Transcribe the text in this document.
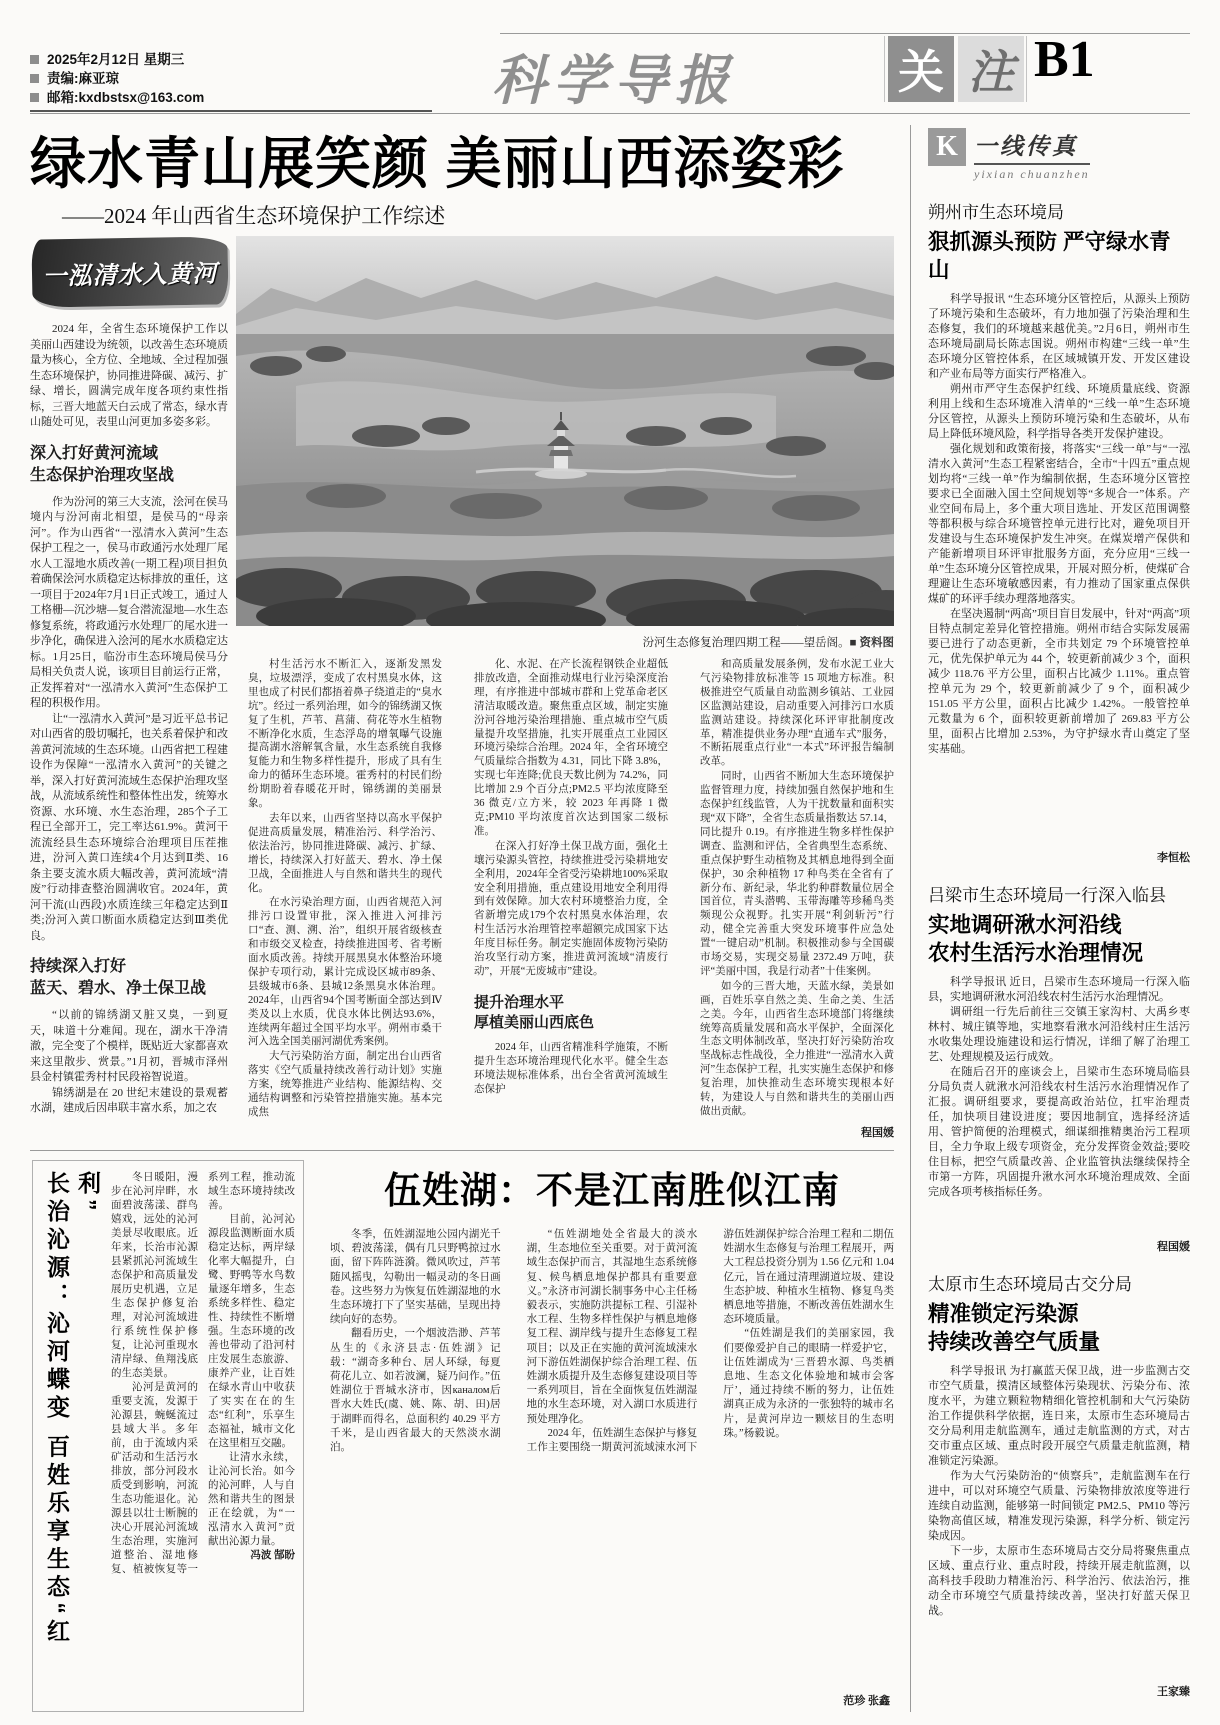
2025年2月12日 星期三
责编:麻亚琼
邮箱:kxdbstsx@163.com	科学导报	关 注 B1
绿水青山展笑颜 美丽山西添姿彩
——2024 年山西省生态环境保护工作综述
一泓清水入黄河

2024 年，全省生态环境保护工作以美丽山西建设为统领，以改善生态环境质量为核心，全方位、全地域、全过程加强生态环境保护，协同推进降碳、减污、扩绿、增长，圆满完成年度各项约束性指标，三晋大地蓝天白云成了常态，绿水青山随处可见，表里山河更加多姿多彩。

深入打好黄河流域
生态保护治理攻坚战

作为汾河的第三大支流，浍河在侯马境内与汾河南北相望，是侯马的“母亲河”。作为山西省“一泓清水入黄河”生态保护工程之一，侯马市政通污水处理厂尾水人工湿地水质改善(一期工程)项目担负着确保浍河水质稳定达标排放的重任，这一项目于2024年7月1日正式竣工，通过人工格栅—沉沙塘—复合潜流湿地—水生态修复系统，将政通污水处理厂的尾水进一步净化，确保进入浍河的尾水水质稳定达标。1月25日，临汾市生态环境局侯马分局相关负责人说，该项目目前运行正常，正发挥着对“一泓清水入黄河”生态保护工程的积极作用。

让“一泓清水入黄河”是习近平总书记对山西省的殷切嘱托，也关系着保护和改善黄河流域的生态环境。山西省把工程建设作为保障“一泓清水入黄河”的关键之举，深入打好黄河流域生态保护治理攻坚战，从流域系统性和整体性出发，统筹水资源、水环境、水生态治理，285个子工程已全部开工，完工率达61.9%。黄河干流流经县生态环境综合治理项目压茬推进，汾河入黄口连续4个月达到Ⅱ类、16条主要支流水质大幅改善，黄河流域“清废”行动排查整治圆满收官。2024年，黄河干流(山西段)水质连续三年稳定达到Ⅱ类;汾河入黄口断面水质稳定达到Ⅲ类优良。

持续深入打好
蓝天、碧水、净土保卫战

“以前的锦绣湖又脏又臭，一到夏天，味道十分难闻。现在，湖水干净清澈，完全变了个模样，既贴近大家都喜欢来这里散步、赏景。”1月初，晋城市泽州县金村镇霍秀村村民段裕智说道。

锦绣湖是在 20 世纪末建设的景观蓄水湖，建成后因串联丰富水系，加之农

汾河生态修复治理四期工程——望岳阁。■ 资料图

村生活污水不断汇入，逐渐发黑发臭，垃圾漂浮，变成了农村黑臭水体，这里也成了村民们都捂着鼻子绕道走的“臭水坑”。经过一系列治理，如今的锦绣湖又恢复了生机，芦苇、菖蒲、荷花等水生植物不断净化水质，生态浮岛的增氧曝气设施提高湖水溶解氧含量，水生态系统自我修复能力和生物多样性提升，形成了具有生命力的循环生态环境。霍秀村的村民们纷纷期盼着春暖花开时，锦绣湖的美丽景象。

去年以来，山西省坚持以高水平保护促进高质量发展，精准治污、科学治污、依法治污，协同推进降碳、减污、扩绿、增长，持续深入打好蓝天、碧水、净土保卫战，全面推进人与自然和谐共生的现代化。

在水污染治理方面，山西省规范入河排污口设置审批，深入推进入河排污口“查、测、溯、治”，组织开展省级核查和市级交叉检查，持续推进国考、省考断面水质改善。持续开展黑臭水体整治环境保护专项行动，累计完成设区城市89条、县级城市6条、县城12条黑臭水体治理。2024年，山西省94个国考断面全部达到Ⅳ类及以上水质，优良水体比例达93.6%，连续两年超过全国平均水平。朔州市桑干河入选全国美丽河湖优秀案例。

大气污染防治方面，制定出台山西省落实《空气质量持续改善行动计划》实施方案，统筹推进产业结构、能源结构、交通结构调整和污染管控措施实施。基本完成焦

化、水泥、在产长流程钢铁企业超低排放改造，全面推动煤电行业污染深度治理，有序推进中部城市群和上党革命老区清洁取暖改造。聚焦重点区域，制定实施汾河谷地污染治理措施、重点城市空气质量提升攻坚措施，扎实开展重点工业园区环境污染综合治理。2024 年，全省环境空气质量综合指数为 4.31，同比下降 3.8%，实现七年连降;优良天数比例为 74.2%，同比增加 2.9 个百分点;PM2.5 平均浓度降至 36 微克/立方米，较 2023 年再降 1 微克;PM10 平均浓度首次达到国家二级标准。

在深入打好净土保卫战方面，强化土壤污染源头管控，持续推进受污染耕地安全利用，2024年全省受污染耕地100%采取安全利用措施，重点建设用地安全利用得到有效保障。加大农村环境整治力度，全省新增完成179个农村黑臭水体治理，农村生活污水治理管控率超额完成国家下达年度目标任务。制定实施固体废物污染防治攻坚行动方案，推进黄河流域“清废行动”，开展“无废城市”建设。

提升治理水平
厚植美丽山西底色

2024 年，山西省精准科学施策，不断提升生态环境治理现代化水平。健全生态环境法规标准体系，出台全省黄河流域生态保护

和高质量发展条例，发布水泥工业大气污染物排放标准等 15 项地方标准。积极推进空气质量自动监测乡镇站、工业园区监测站建设，启动重要入河排污口水质监测站建设。持续深化环评审批制度改革，精准提供业务办理“直通车式”服务，不断拓展重点行业“一本式”环评报告编制改革。

同时，山西省不断加大生态环境保护监督管理力度，持续加强自然保护地和生态保护红线监管，人为干扰数量和面积实现“双下降”，全省生态质量指数达 57.14，同比提升 0.19。有序推进生物多样性保护调查、监测和评估，全省典型生态系统、重点保护野生动植物及其栖息地得到全面保护，30 余种植物 17 种鸟类在全省有了新分布、新纪录，华北豹种群数量位居全国首位，青头潜鸭、玉带海雕等珍稀鸟类频现公众视野。扎实开展“利剑斩污”行动，健全完善重大突发环境事件应急处置“一键启动”机制。积极推动参与全国碳市场交易，实现交易量 2372.49 万吨，获评“美丽中国，我是行动者”十佳案例。

如今的三晋大地，天蓝水绿，美景如画，百姓乐享自然之美、生命之美、生活之美。今年，山西省生态环境部门将继续统筹高质量发展和高水平保护，全面深化生态文明体制改革，坚决打好污染防治攻坚战标志性战役，全力推进“一泓清水入黄河”生态保护工程，扎实实施生态保护和修复治理，加快推动生态环境实现根本好转，为建设人与自然和谐共生的美丽山西做出贡献。

程国媛
K 一线传真
yixian chuanzhen
朔州市生态环境局
狠抓源头预防 严守绿水青山

科学导报讯 “生态环境分区管控后，从源头上预防了环境污染和生态破坏，有力地加强了污染治理和生态修复，我们的环境越来越优美。”2月6日，朔州市生态环境局副局长陈志国说。朔州市构建“三线一单”生态环境分区管控体系，在区域城镇开发、开发区建设和产业布局等方面实行严格准入。

朔州市严守生态保护红线、环境质量底线、资源利用上线和生态环境准入清单的“三线一单”生态环境分区管控，从源头上预防环境污染和生态破坏，从布局上降低环境风险，科学指导各类开发保护建设。

强化规划和政策衔接，将落实“三线一单”与“一泓清水入黄河”生态工程紧密结合，全市“十四五”重点规划均将“三线一单”作为编制依据，生态环境分区管控要求已全面融入国土空间规划等“多规合一”体系。产业空间布局上，多个重大项目选址、开发区范围调整等都积极与综合环境管控单元进行比对，避免项目开发建设与生态环境保护发生冲突。在煤炭增产保供和产能新增项目环评审批服务方面，充分应用“三线一单”生态环境分区管控成果，开展对照分析，使煤矿合理避让生态环境敏感因素，有力推动了国家重点保供煤矿的环评手续办理落地落实。

在坚决遏制“两高”项目盲目发展中，针对“两高”项目特点制定差异化管控措施。朔州市结合实际发展需要已进行了动态更新，全市共划定 79 个环境管控单元，优先保护单元为 44 个，较更新前减少 3 个，面积减少 118.76 平方公里，面积占比减少 1.11%。重点管控单元为 29 个，较更新前减少了 9 个，面积减少 151.05 平方公里，面积占比减少 1.42%。一般管控单元数量为 6 个，面积较更新前增加了 269.83 平方公里，面积占比增加 2.53%，为守护绿水青山奠定了坚实基础。

李恒松
吕梁市生态环境局一行深入临县
实地调研湫水河沿线
农村生活污水治理情况

科学导报讯 近日，吕梁市生态环境局一行深入临县，实地调研湫水河沿线农村生活污水治理情况。

调研组一行先后前往三交镇王家沟村、大禹乡枣林村、城庄镇等地，实地察看湫水河沿线村庄生活污水收集处理设施建设和运行情况，详细了解了治理工艺、处理规模及运行成效。

在随后召开的座谈会上，吕梁市生态环境局临县分局负责人就湫水河沿线农村生活污水治理情况作了汇报。调研组要求，要提高政治站位，扛牢治理责任，加快项目建设进度；要因地制宜，选择经济适用、管护简便的治理模式，细谋细推精奥治污工程项目，全力争取上级专项资金，充分发挥资金效益;要咬住目标，把空气质量改善、企业监管执法继续保持全市第一方阵，巩固提升湫水河水环境治理成效、全面完成各项考核指标任务。

程国媛
太原市生态环境局古交分局
精准锁定污染源
持续改善空气质量

科学导报讯 为打赢蓝天保卫战，进一步监测古交市空气质量，摸清区域整体污染现状、污染分布、浓度水平，为建立颗粒物精细化管控机制和大气污染防治工作提供科学依据，连日来，太原市生态环境局古交分局利用走航监测车，通过走航监测的方式，对古交市重点区域、重点时段开展空气质量走航监测，精准锁定污染源。

作为大气污染防治的“侦察兵”，走航监测车在行进中，可以对环境空气质量、污染物排放浓度等进行连续自动监测，能够第一时间锁定 PM2.5、PM10 等污染物高值区域，精准发现污染源，科学分析、锁定污染成因。

下一步，太原市生态环境局古交分局将聚焦重点区域、重点行业、重点时段，持续开展走航监测，以高科技手段助力精准治污、科学治污、依法治污，推动全市环境空气质量持续改善，坚决打好蓝天保卫战。

王家臻
长治沁源：沁河蝶变 百姓乐享生态“红利”	冬日暖阳，漫步在沁河岸畔，水面碧波荡漾、群鸟嬉戏，远处的沁河美景尽收眼底。近年来，长治市沁源县紧抓沁河流域生态保护和高质量发展历史机遇，立足生态保护修复治理，对沁河流域进行系统性保护修复，让沁河重现水清岸绿、鱼翔浅底的生态美景。

沁河是黄河的重要支流，发源于沁源县，蜿蜒流过县域大半。多年前，由于流域内采矿活动和生活污水排放，部分河段水质受到影响，河流生态功能退化。沁源县以壮士断腕的决心开展沁河流域生态治理，实施河道整治、湿地修复、植被恢复等一系列工程，推动流域生态环境持续改善。

目前，沁河沁源段监测断面水质稳定达标，两岸绿化率大幅提升，白鹭、野鸭等水鸟数量逐年增多，生态系统多样性、稳定性、持续性不断增强。生态环境的改善也带动了沿河村庄发展生态旅游、康养产业，让百姓在绿水青山中收获了实实在在的生态“红利”，乐享生态福祉，城市文化在这里相互交融。

让清水永续，让沁河长治。如今的沁河畔，人与自然和谐共生的图景正在绘就，为“一泓清水入黄河”贡献出沁源力量。

冯波 郜盼

伍姓湖：不是江南胜似江南

冬季，伍姓湖湿地公园内湖光千顷、碧波荡漾，偶有几只野鸭掠过水面，留下阵阵涟漪。微风吹过，芦苇随风摇曳，勾勒出一幅灵动的冬日画卷。这些努力为恢复伍姓湖湿地的水生态环境打下了坚实基础，呈现出持续向好的态势。

翻看历史，一个烟波浩渺、芦苇丛生的《永济县志·伍姓湖》记载：“湖奇多种台、居人环绿，每夏荷花儿立、如若波澜，疑乃问作。”伍姓湖位于晋城水济市，因каналом后晋水大姓氏(虞、姚、陈、胡、田)居于湖畔而得名，总面积约 40.29 平方千米，是山西省最大的天然淡水湖泊。

“伍姓湖地处全省最大的淡水湖，生态地位至关重要。对于黄河流域生态保护而言，其湿地生态系统修复、候鸟栖息地保护都具有重要意义。”永济市河湖长制事务中心主任杨毅表示，实施防洪提标工程、引湿补水工程、生物多样性保护与栖息地修复工程、湖岸线与提升生态修复工程项目；以及正在实施的黄河流域涑水河下游伍姓湖保护综合治理工程、伍姓湖水质提升及生态修复建设项目等一系列项目，旨在全面恢复伍姓湖湿地的水生态环境，对入湖口水质进行预处理净化。

2024 年，伍姓湖生态保护与修复工作主要围绕一期黄河流域涑水河下游伍姓湖保护综合治理工程和二期伍姓湖水生态修复与治理工程展开，两大工程总投资分别为 1.56 亿元和 1.04 亿元，旨在通过清理湖道垃圾、建设生态护坡、种植水生植物、修复鸟类栖息地等措施，不断改善伍姓湖水生态环境质量。

“伍姓湖是我们的美丽家园，我们要像爱护自己的眼睛一样爱护它，让伍姓湖成为‘三晋碧水源、鸟类栖息地、生态文化体验地和城市会客厅’，通过持续不断的努力，让伍姓湖真正成为永济的一张独特的城市名片，是黄河岸边一颗炫目的生态明珠。”杨毅说。

范珍 张鑫
